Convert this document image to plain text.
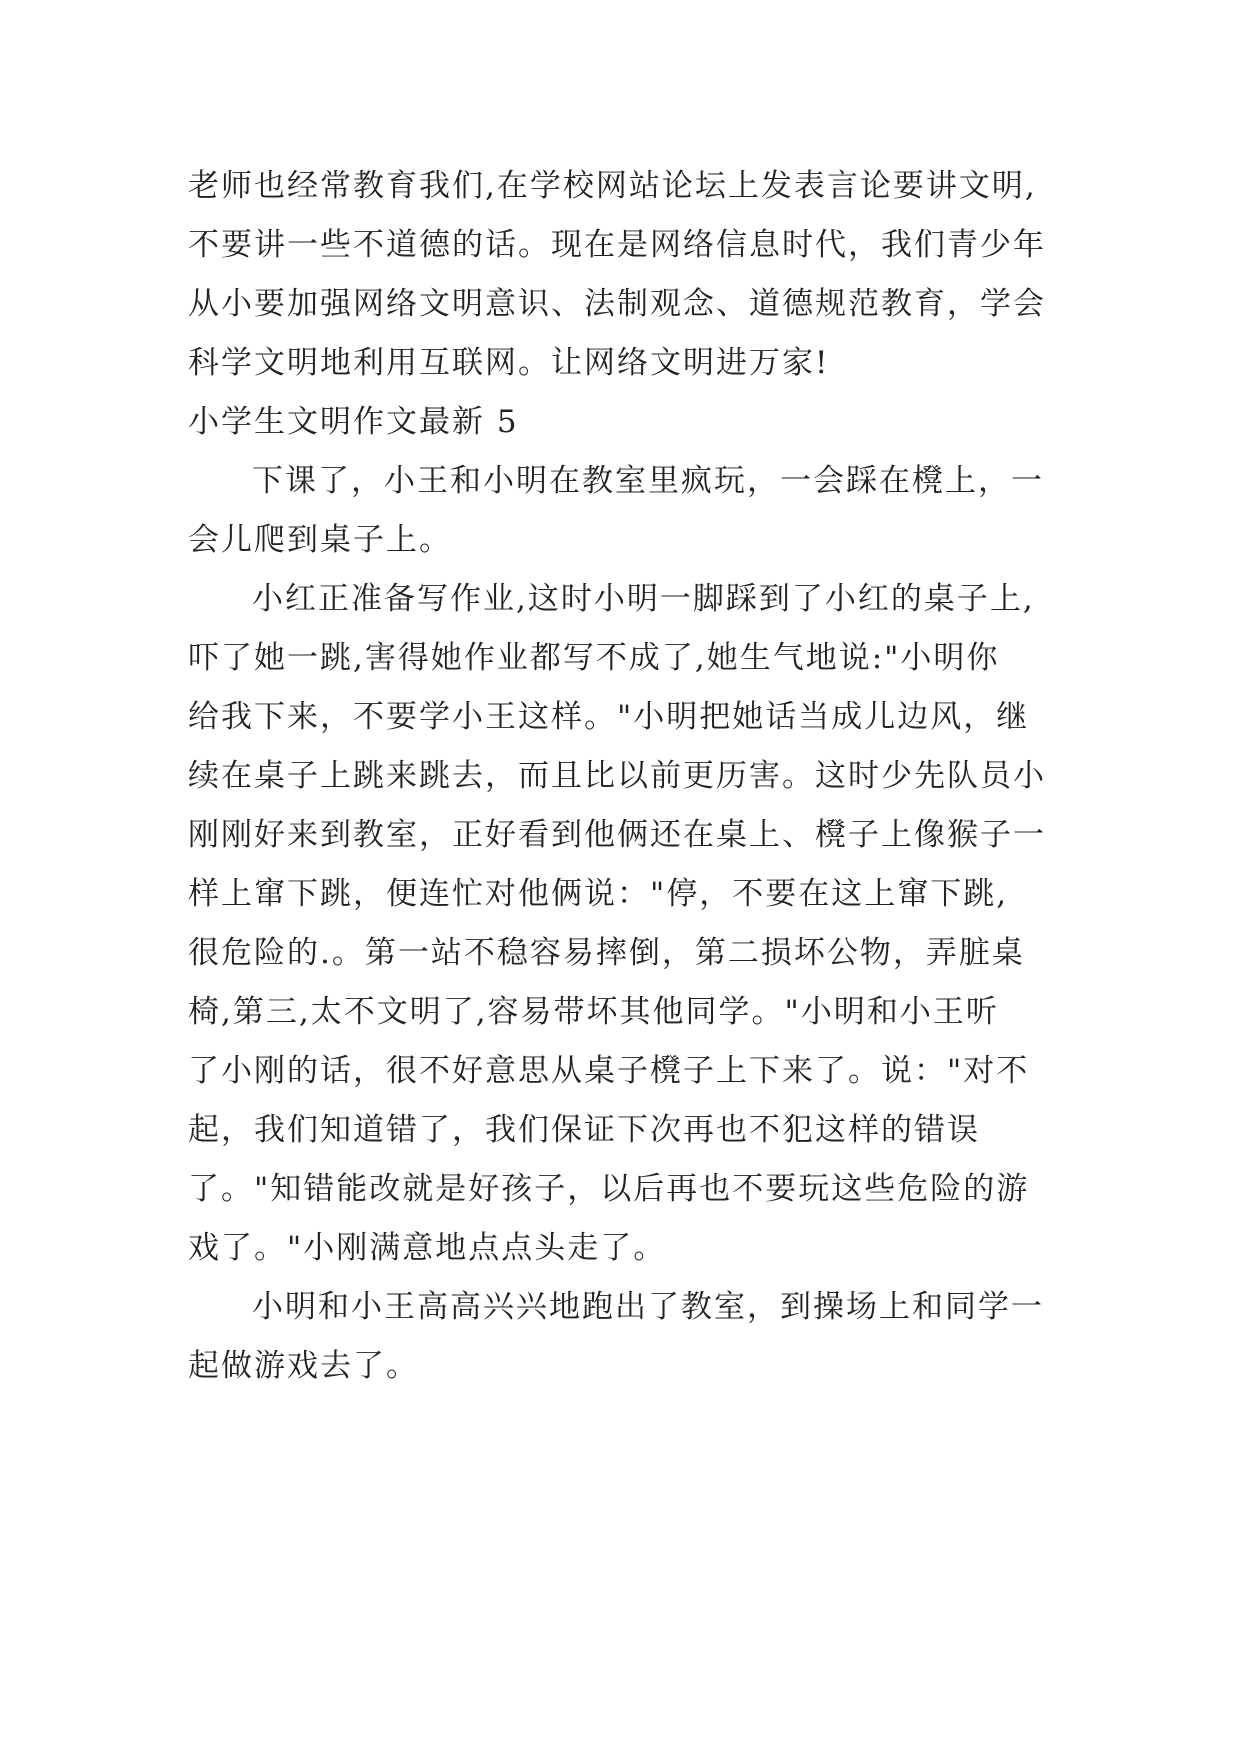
老师也经常教育我们,在学校网站论坛上发表言论要讲文明,
不要讲一些不道德的话。现在是网络信息时代，我们青少年
从小要加强网络文明意识、法制观念、道德规范教育，学会
科学文明地利用互联网。让网络文明进万家!
小学生文明作文最新 5
下课了，小王和小明在教室里疯玩，一会踩在櫈上，一
会儿爬到桌子上。
小红正准备写作业,这时小明一脚踩到了小红的桌子上,
吓了她一跳,害得她作业都写不成了,她生气地说:"小明你
给我下来，不要学小王这样。"小明把她话当成儿边风，继
续在桌子上跳来跳去，而且比以前更历害。这时少先队员小
刚刚好来到教室，正好看到他俩还在桌上、櫈子上像猴子一
样上窜下跳，便连忙对他俩说："停，不要在这上窜下跳,
很危险的.。第一站不稳容易摔倒，第二损坏公物，弄脏桌
椅,第三,太不文明了,容易带坏其他同学。"小明和小王听
了小刚的话，很不好意思从桌子櫈子上下来了。说："对不
起，我们知道错了，我们保证下次再也不犯这样的错误
了。"知错能改就是好孩子，以后再也不要玩这些危险的游
戏了。"小刚满意地点点头走了。
小明和小王高高兴兴地跑出了教室，到操场上和同学一
起做游戏去了。
